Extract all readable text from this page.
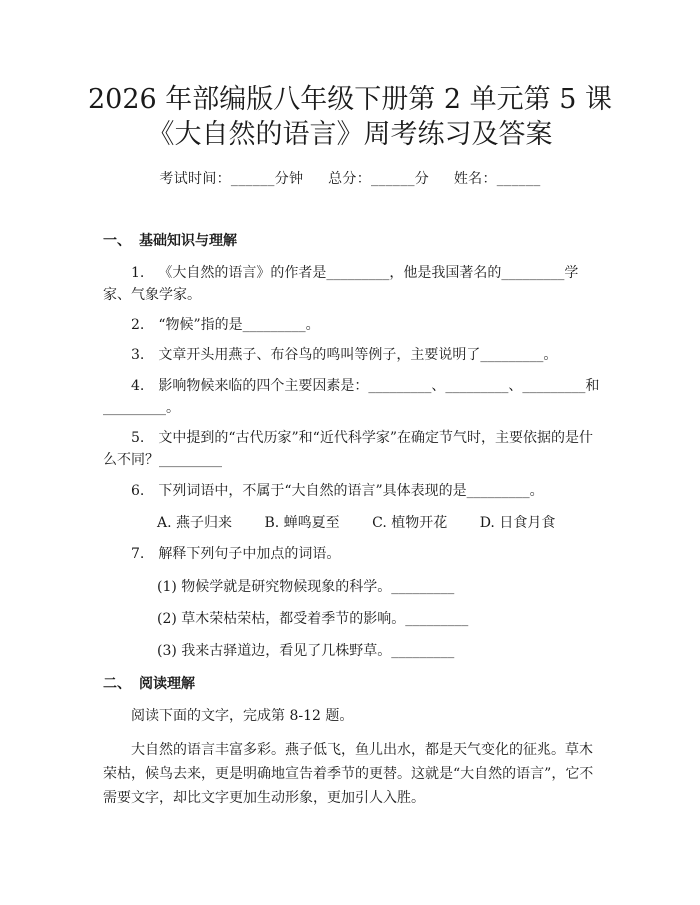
2026 年部编版八年级下册第 2 单元第 5 课
《大自然的语言》周考练习及答案
考试时间：______分钟 总分：______分 姓名：______
一、 基础知识与理解
1. 《大自然的语言》的作者是_________，他是我国著名的_________学家、气象学家。
2. “物候”指的是_________。
3. 文章开头用燕子、布谷鸟的鸣叫等例子，主要说明了_________。
4. 影响物候来临的四个主要因素是：_________、_________、_________和_________。
5. 文中提到的“古代历家”和“近代科学家”在确定节气时，主要依据的是什么不同？_________
6. 下列词语中，不属于“大自然的语言”具体表现的是_________。
A. 燕子归来 B. 蝉鸣夏至 C. 植物开花 D. 日食月食
7. 解释下列句子中加点的词语。
(1) 物候学就是研究物候现象的科学。_________
(2) 草木荣枯荣枯，都受着季节的影响。_________
(3) 我来古驿道边，看见了几株野草。_________
二、 阅读理解
阅读下面的文字，完成第 8-12 题。
大自然的语言丰富多彩。燕子低飞，鱼儿出水，都是天气变化的征兆。草木荣枯，候鸟去来，更是明确地宣告着季节的更替。这就是“大自然的语言”，它不需要文字，却比文字更加生动形象，更加引人入胜。
